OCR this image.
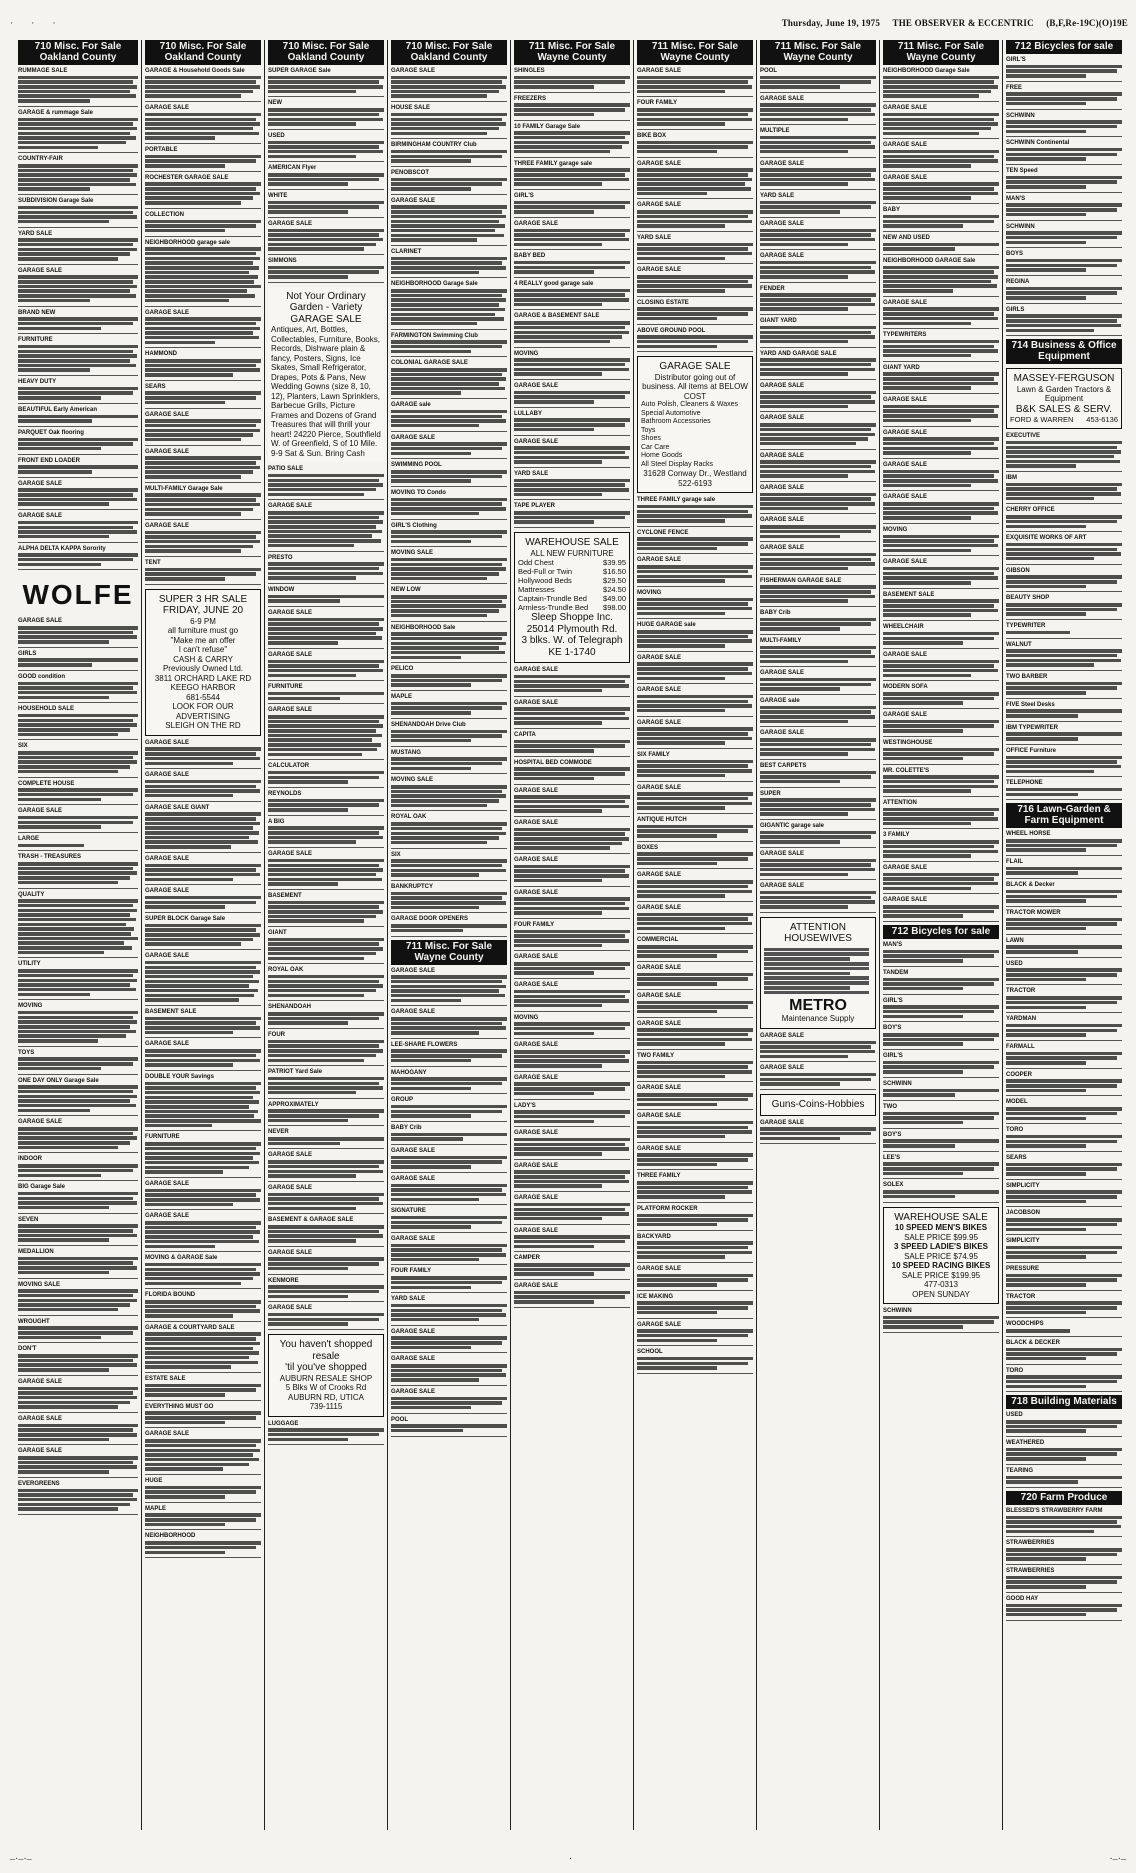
· · ·	Thursday, June 19, 1975 THE OBSERVER & ECCENTRIC (B,F,Re-19C)(O)19E
710 Misc. For Sale Oakland County
RUMMAGE SALE
GARAGE & rummage Sale
COUNTRY-FAIR
SUBDIVISION Garage Sale
YARD SALE
GARAGE SALE
BRAND NEW
FURNITURE
HEAVY DUTY
BEAUTIFUL Early American
PARQUET Oak flooring
FRONT END LOADER
GARAGE SALE
GARAGE SALE
ALPHA DELTA KAPPA Sorority
WOLFE
GARAGE SALE
GIRLS
GOOD condition
HOUSEHOLD SALE
SIX
COMPLETE HOUSE
GARAGE SALE
LARGE
TRASH - TREASURES
QUALITY
UTILITY
MOVING
TOYS
ONE DAY ONLY Garage Sale
GARAGE SALE
INDOOR
BIG Garage Sale
SEVEN
MEDALLION
MOVING SALE
WROUGHT
DON'T
GARAGE SALE
GARAGE SALE
GARAGE SALE
EVERGREENS
710 Misc. For Sale Oakland County
GARAGE & Household Goods Sale
GARAGE SALE
PORTABLE
ROCHESTER GARAGE SALE
COLLECTION
NEIGHBORHOOD garage sale
GARAGE SALE
HAMMOND
SEARS
GARAGE SALE
GARAGE SALE
MULTI-FAMILY Garage Sale
GARAGE SALE
TENT
SUPER 3 HR SALE
FRIDAY, JUNE 20
6-9 PM
all furniture must go
"Make me an offer
I can't refuse"
CASH & CARRY
Previously Owned Ltd.
3811 ORCHARD LAKE RD
KEEGO HARBOR
681-5544
LOOK FOR OUR ADVERTISING
SLEIGH ON THE RD
GARAGE SALE
GARAGE SALE
GARAGE SALE GIANT
GARAGE SALE
GARAGE SALE
SUPER BLOCK Garage Sale
GARAGE SALE
BASEMENT SALE
GARAGE SALE
DOUBLE YOUR Savings
FURNITURE
GARAGE SALE
GARAGE SALE
MOVING & GARAGE Sale
FLORIDA BOUND
GARAGE & COURTYARD SALE
ESTATE SALE
EVERYTHING MUST GO
GARAGE SALE
HUGE
MAPLE
NEIGHBORHOOD
710 Misc. For Sale Oakland County
SUPER GARAGE Sale
NEW
USED
AMERICAN Flyer
WHITE
GARAGE SALE
SIMMONS
Not Your Ordinary
Garden - Variety
GARAGE SALE
Antiques, Art, Bottles, Collectables, Furniture, Books, Records, Dishware plain & fancy, Posters, Signs, Ice Skates, Small Refrigerator, Drapes, Pots & Pans, New Wedding Gowns (size 8, 10, 12), Planters, Lawn Sprinklers, Barbecue Grills, Picture Frames and Dozens of Grand Treasures that will thrill your heart! 24220 Pierce, Southfield W. of Greenfield, S of 10 Mile. 9-9 Sat & Sun. Bring Cash
PATIO SALE
GARAGE SALE
PRESTO
WINDOW
GARAGE SALE
GARAGE SALE
FURNITURE
GARAGE SALE
CALCULATOR
REYNOLDS
A BIG
GARAGE SALE
BASEMENT
GIANT
ROYAL OAK
SHENANDOAH
FOUR
PATRIOT Yard Sale
APPROXIMATELY
NEVER
GARAGE SALE
GARAGE SALE
BASEMENT & GARAGE SALE
GARAGE SALE
KENMORE
GARAGE SALE
You haven't shopped resale
'til you've shopped
AUBURN RESALE SHOP
5 Blks W of Crooks Rd
AUBURN RD, UTICA
739-1115
LUGGAGE
710 Misc. For Sale Oakland County
GARAGE SALE
HOUSE SALE
BIRMINGHAM COUNTRY Club
PENOBSCOT
GARAGE SALE
CLARINET
NEIGHBORHOOD Garage Sale
FARMINGTON Swimming Club
COLONIAL GARAGE SALE
GARAGE sale
GARAGE SALE
SWIMMING POOL
MOVING TO Condo
GIRL'S Clothing
MOVING SALE
NEW LOW
NEIGHBORHOOD Sale
PELICO
MAPLE
SHENANDOAH Drive Club
MUSTANG
MOVING SALE
ROYAL OAK
SIX
BANKRUPTCY
GARAGE DOOR OPENERS
711 Misc. For Sale Wayne County
GARAGE SALE
GARAGE SALE
LEE-SHARE FLOWERS
MAHOGANY
GROUP
BABY Crib
GARAGE SALE
GARAGE SALE
SIGNATURE
GARAGE SALE
FOUR FAMILY
YARD SALE
GARAGE SALE
GARAGE SALE
GARAGE SALE
POOL
711 Misc. For Sale Wayne County
SHINGLES
FREEZERS
10 FAMILY Garage Sale
THREE FAMILY garage sale
GIRL'S
GARAGE SALE
BABY BED
4 REALLY good garage sale
GARAGE & BASEMENT SALE
MOVING
GARAGE SALE
LULLABY
GARAGE SALE
YARD SALE
TAPE PLAYER
WAREHOUSE SALE
ALL NEW FURNITURE
Odd Chest	$39.95
Bed-Full or Twin	$16.50
Hollywood Beds	$29.50
Mattresses	$24.50
Captain-Trundle Bed $49.00
Armless-Trundle Bed $98.00
Sleep Shoppe Inc.
25014 Plymouth Rd.
3 blks. W. of Telegraph
KE 1-1740
GARAGE SALE
GARAGE SALE
CAPITA
HOSPITAL BED COMMODE
GARAGE SALE
GARAGE SALE
GARAGE SALE
GARAGE SALE
FOUR FAMILY
GARAGE SALE
GARAGE SALE
MOVING
GARAGE SALE
GARAGE SALE
LADY'S
GARAGE SALE
GARAGE SALE
GARAGE SALE
GARAGE SALE
CAMPER
GARAGE SALE
711 Misc. For Sale Wayne County
GARAGE SALE
FOUR FAMILY
BIKE BOX
GARAGE SALE
GARAGE SALE
YARD SALE
GARAGE SALE
CLOSING ESTATE
ABOVE GROUND POOL
GARAGE SALE
Distributor going out of business. All items at BELOW COST
Auto Polish, Cleaners & Waxes
Special Automotive
Bathroom Accessories
Toys
Shoes
Car Care
Home Goods
All Steel Display Racks
31628 Conway Dr., Westland
522-6193
THREE FAMILY garage sale
CYCLONE FENCE
GARAGE SALE
MOVING
HUGE GARAGE sale
GARAGE SALE
GARAGE SALE
GARAGE SALE
SIX FAMILY
GARAGE SALE
ANTIQUE HUTCH
BOXES
GARAGE SALE
GARAGE SALE
COMMERCIAL
GARAGE SALE
GARAGE SALE
GARAGE SALE
TWO FAMILY
GARAGE SALE
GARAGE SALE
GARAGE SALE
THREE FAMILY
PLATFORM ROCKER
BACKYARD
GARAGE SALE
ICE MAKING
GARAGE SALE
SCHOOL
711 Misc. For Sale Wayne County
POOL
GARAGE SALE
MULTIPLE
GARAGE SALE
YARD SALE
GARAGE SALE
GARAGE SALE
FENDER
GIANT YARD
YARD AND GARAGE SALE
GARAGE SALE
GARAGE SALE
GARAGE SALE
GARAGE SALE
GARAGE SALE
GARAGE SALE
FISHERMAN GARAGE SALE
BABY Crib
MULTI-FAMILY
GARAGE SALE
GARAGE sale
GARAGE SALE
BEST CARPETS
SUPER
GIGANTIC garage sale
GARAGE SALE
GARAGE SALE
ATTENTION
HOUSEWIVES
METRO
Maintenance Supply
GARAGE SALE
GARAGE SALE
Guns-Coins-Hobbies
GARAGE SALE
711 Misc. For Sale Wayne County
NEIGHBORHOOD Garage Sale
GARAGE SALE
GARAGE SALE
GARAGE SALE
BABY
NEW AND USED
NEIGHBORHOOD GARAGE Sale
GARAGE SALE
TYPEWRITERS
GIANT YARD
GARAGE SALE
GARAGE SALE
GARAGE SALE
GARAGE SALE
MOVING
GARAGE SALE
BASEMENT SALE
WHEELCHAIR
GARAGE SALE
MODERN SOFA
GARAGE SALE
WESTINGHOUSE
MR. COLETTE'S
ATTENTION
3 FAMILY
GARAGE SALE
GARAGE SALE
712 Bicycles for sale
MAN'S
TANDEM
GIRL'S
BOY'S
GIRL'S
SCHWINN
TWO
BOY'S
LEE'S
SOLEX
WAREHOUSE SALE
10 SPEED MEN'S BIKES
SALE PRICE $99.95
3 SPEED LADIE'S BIKES
SALE PRICE $74.95
10 SPEED RACING BIKES
SALE PRICE $199.95
477-0313
OPEN SUNDAY
SCHWINN
712 Bicycles for sale
GIRL'S
FREE
SCHWINN
SCHWINN Continental
TEN Speed
MAN'S
SCHWINN
BOYS
REGINA
GIRLS
714 Business & Office Equipment
MASSEY-FERGUSON
Lawn & Garden Tractors & Equipment
B&K SALES & SERV.
FORD & WARREN 453-6136
EXECUTIVE
IBM
CHERRY OFFICE
EXQUISITE WORKS OF ART
GIBSON
BEAUTY SHOP
TYPEWRITER
WALNUT
TWO BARBER
FIVE Steel Desks
IBM TYPEWRITER
OFFICE Furniture
TELEPHONE
716 Lawn-Garden & Farm Equipment
WHEEL HORSE
FLAIL
BLACK & Decker
TRACTOR MOWER
LAWN
USED
TRACTOR
YARDMAN
FARMALL
COOPER
MODEL
TORO
SEARS
SIMPLICITY
JACOBSON
SIMPLICITY
PRESSURE
TRACTOR
WOODCHIPS
BLACK & DECKER
TORO
718 Building Materials
USED
WEATHERED
TEARING
720 Farm Produce
BLESSED'S STRAWBERRY FARM
STRAWBERRIES
STRAWBERRIES
GOOD HAY
–·–·–	·	·–·–
